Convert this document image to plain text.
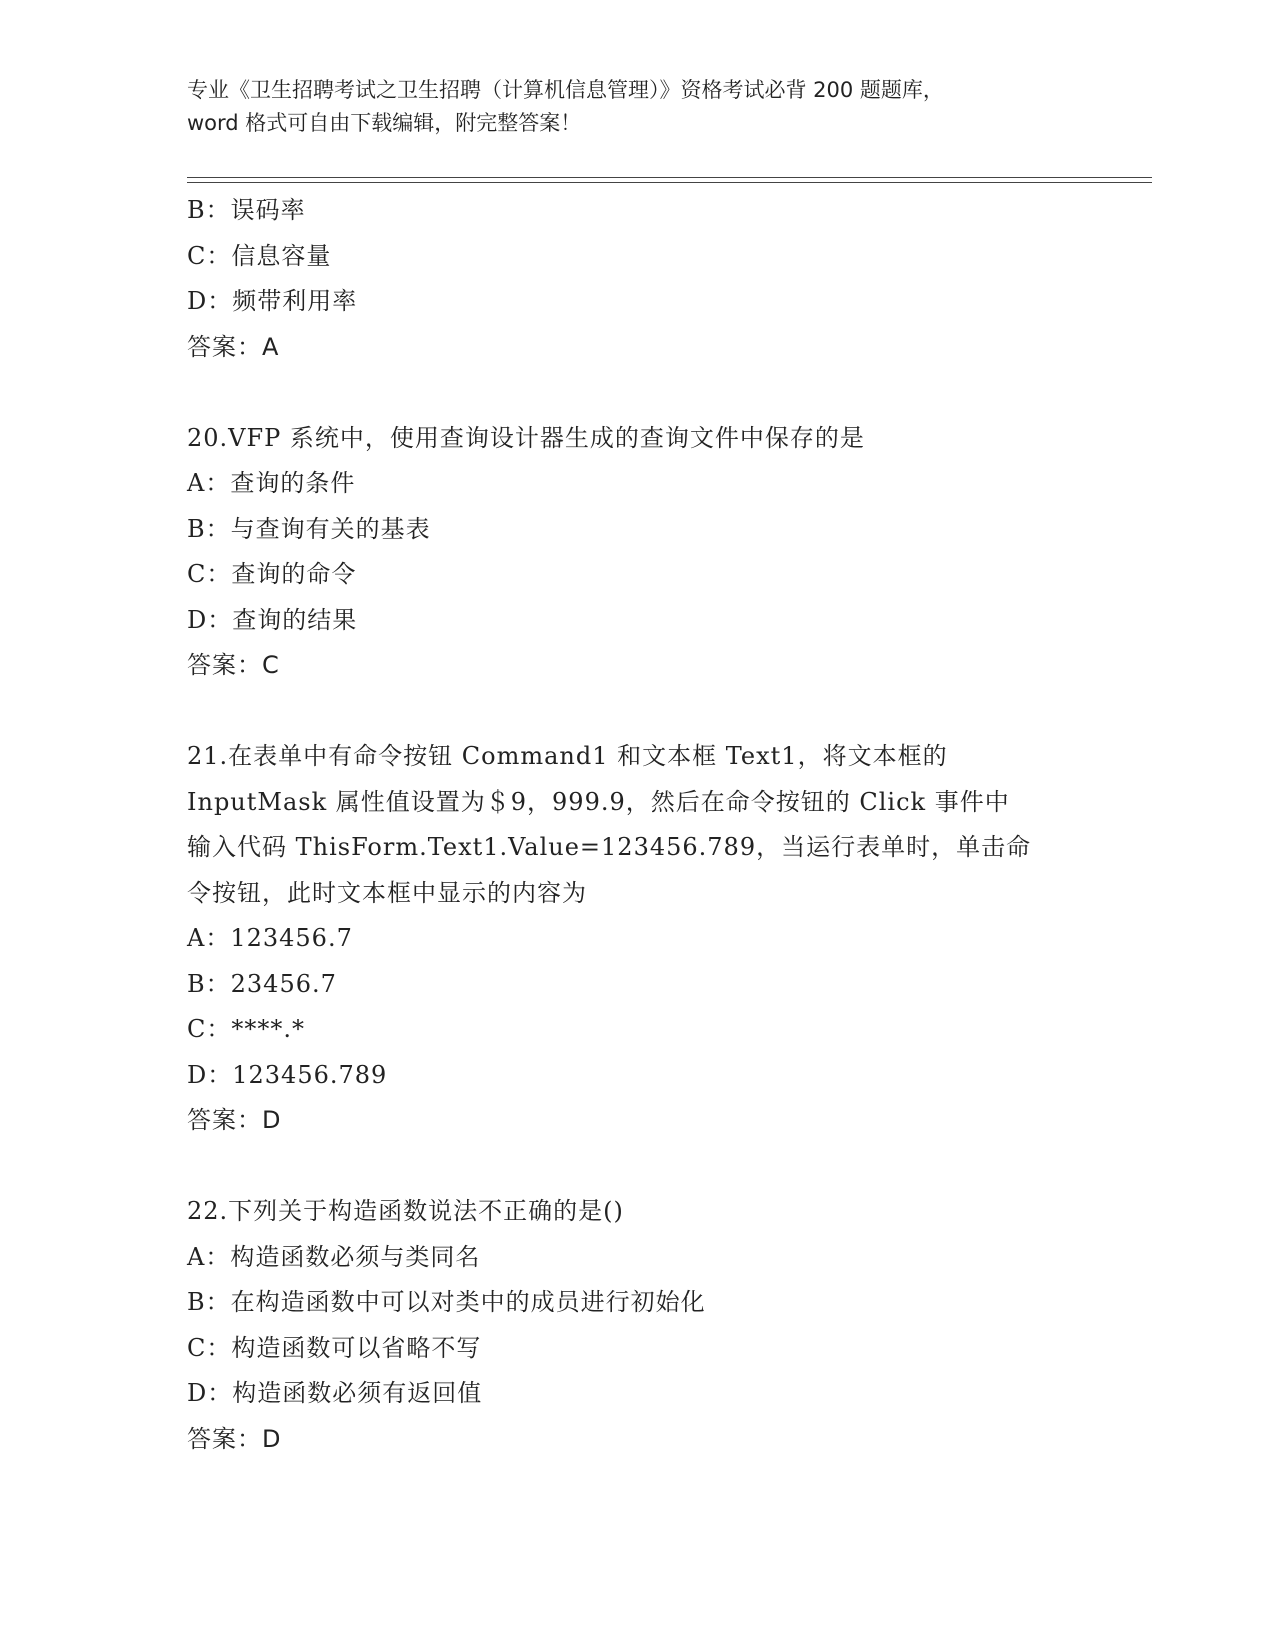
专业《卫生招聘考试之卫生招聘（计算机信息管理）》资格考试必背 200 题题库，
word 格式可自由下载编辑，附完整答案！
B：误码率
C：信息容量
D：频带利用率
答案：A
20.VFP 系统中，使用查询设计器生成的查询文件中保存的是
A：查询的条件
B：与查询有关的基表
C：查询的命令
D：查询的结果
答案：C
21.在表单中有命令按钮 Command1 和文本框 Text1，将文本框的
InputMask 属性值设置为＄9，999.9，然后在命令按钮的 Click 事件中
输入代码 ThisForm.Text1.Value=123456.789，当运行表单时，单击命
令按钮，此时文本框中显示的内容为
A：123456.7
B：23456.7
C：****.*
D：123456.789
答案：D
22.下列关于构造函数说法不正确的是()
A：构造函数必须与类同名
B：在构造函数中可以对类中的成员进行初始化
C：构造函数可以省略不写
D：构造函数必须有返回值
答案：D
